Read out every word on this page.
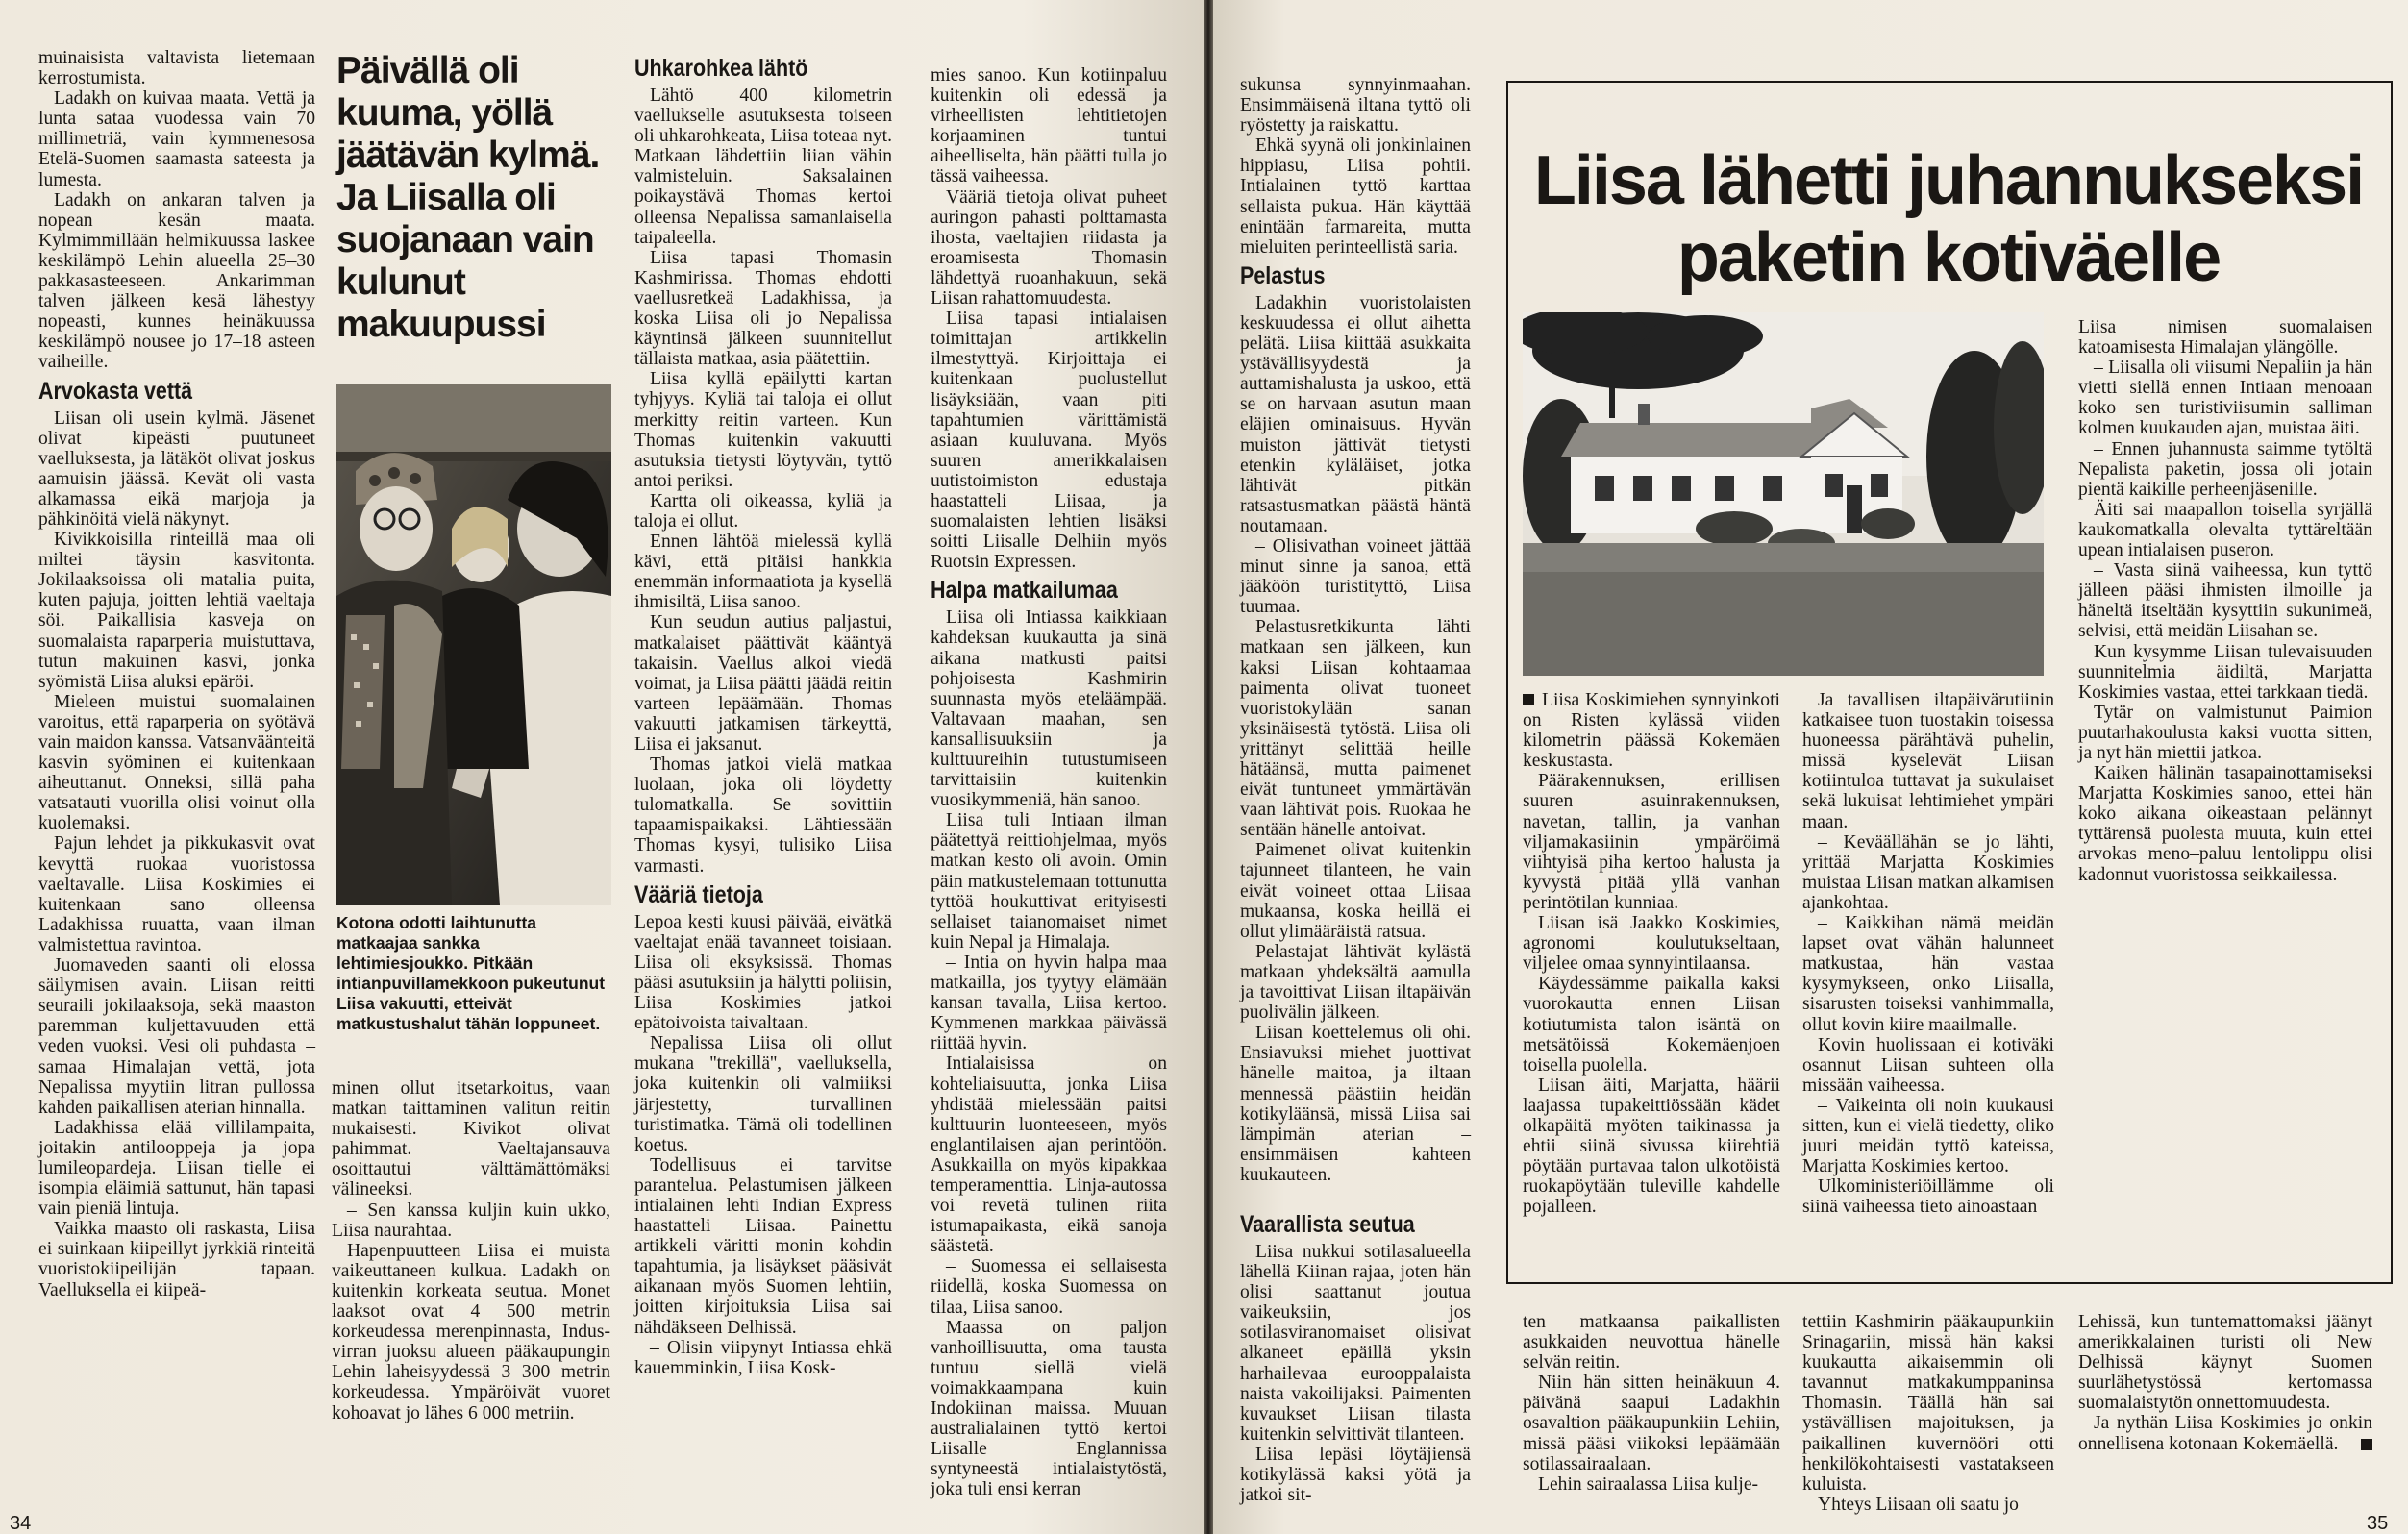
muinaisista valtavista lietemaan kerrostumista.

Ladakh on kuivaa maata. Vettä ja lunta sataa vuodessa vain 70 millimetriä, vain kymmenesosa Etelä-Suomen saamasta sateesta ja lumesta.

Ladakh on ankaran talven ja nopean kesän maata. Kylmimmillään helmikuussa laskee keskilämpö Lehin alueella 25–30 pakkasasteeseen. Ankarimman talven jälkeen kesä lähestyy nopeasti, kunnes heinäkuussa keskilämpö nousee jo 17–18 asteen vaiheille.

Arvokasta vettä

Liisan oli usein kylmä. Jäsenet olivat kipeästi puutuneet vaelluksesta, ja lätäköt olivat joskus aamuisin jäässä. Kevät oli vasta alkamassa eikä marjoja ja pähkinöitä vielä näkynyt.

Kivikkoisilla rinteillä maa oli miltei täysin kasvitonta. Jokilaaksoissa oli matalia puita, kuten pajuja, joitten lehtiä vaeltaja söi. Paikallisia kasveja on suomalaista raparperia muistuttava, tutun makuinen kasvi, jonka syömistä Liisa aluksi epäröi.

Mieleen muistui suomalainen varoitus, että raparperia on syötävä vain maidon kanssa. Vatsanväänteitä kasvin syöminen ei kuitenkaan aiheuttanut. Onneksi, sillä paha vatsatauti vuorilla olisi voinut olla kuolemaksi.

Pajun lehdet ja pikkukasvit ovat kevyttä ruokaa vuoristossa vaeltavalle. Liisa Koskimies ei kuitenkaan sano olleensa Ladakhissa ruuatta, vaan ilman valmistettua ravintoa.

Juomaveden saanti oli elossa säilymisen avain. Liisan reitti seuraili jokilaaksoja, sekä maaston paremman kuljettavuuden että veden vuoksi. Vesi oli puhdasta – samaa Himalajan vettä, jota Nepalissa myytiin litran pullossa kahden paikallisen aterian hinnalla.

Ladakhissa elää villilampaita, joitakin antilooppeja ja jopa lumileopardeja. Liisan tielle ei isompia eläimiä sattunut, hän tapasi vain pieniä lintuja.

Vaikka maasto oli raskasta, Liisa ei suinkaan kiipeillyt jyrkkiä rinteitä vuoristokiipeilijän tapaan. Vaelluksella ei kiipeä-

Päivällä oli kuuma, yöllä jäätävän kylmä. Ja Liisalla oli suojanaan vain kulunut makuupussi
Kotona odotti laihtunutta matkaajaa sankka lehtimiesjoukko. Pitkään intianpuvillamekkoon pukeutunut Liisa vakuutti, etteivät matkustushalut tähän loppuneet.

minen ollut itsetarkoitus, vaan matkan taittaminen valitun reitin mukaisesti. Kivikot olivat pahimmat. Vaeltajansauva osoittautui välttämättömäksi välineeksi.

– Sen kanssa kuljin kuin ukko, Liisa naurahtaa.

Hapenpuutteen Liisa ei muista vaikeuttaneen kulkua. Ladakh on kuitenkin korkeata seutua. Monet laaksot ovat 4 500 metrin korkeudessa merenpinnasta, Indus-virran juoksu alueen pääkaupungin Lehin laheisyydessä 3 300 metrin korkeudessa. Ympäröivät vuoret kohoavat jo lähes 6 000 metriin.

Uhkarohkea lähtö

Lähtö 400 kilometrin vaellukselle asutuksesta toiseen oli uhkarohkeata, Liisa toteaa nyt. Matkaan lähdettiin liian vähin valmisteluin. Saksalainen poikaystävä Thomas kertoi olleensa Nepalissa samanlaisella taipaleella.

Liisa tapasi Thomasin Kashmirissa. Thomas ehdotti vaellusretkeä Ladakhissa, ja koska Liisa oli jo Nepalissa käyntinsä jälkeen suunnitellut tällaista matkaa, asia päätettiin.

Liisa kyllä epäilytti kartan tyhjyys. Kyliä tai taloja ei ollut merkitty reitin varteen. Kun Thomas kuitenkin vakuutti asutuksia tietysti löytyvän, tyttö antoi periksi.

Kartta oli oikeassa, kyliä ja taloja ei ollut.

Ennen lähtöä mielessä kyllä kävi, että pitäisi hankkia enemmän informaatiota ja kysellä ihmisiltä, Liisa sanoo.

Kun seudun autius paljastui, matkalaiset päättivät kääntyä takaisin. Vaellus alkoi viedä voimat, ja Liisa päätti jäädä reitin varteen lepäämään. Thomas vakuutti jatkamisen tärkeyttä, Liisa ei jaksanut.

Thomas jatkoi vielä matkaa luolaan, joka oli löydetty tulomatkalla. Se sovittiin tapaamispaikaksi. Lähtiessään Thomas kysyi, tulisiko Liisa varmasti.

Vääriä tietoja

Lepoa kesti kuusi päivää, eivätkä vaeltajat enää tavanneet toisiaan. Liisa oli eksyksissä. Thomas pääsi asutuksiin ja hälytti poliisin, Liisa Koskimies jatkoi epätoivoista taivaltaan.

Nepalissa Liisa oli ollut mukana ''trekillä'', vaelluksella, joka kuitenkin oli valmiiksi järjestetty, turvallinen turistimatka. Tämä oli todellinen koetus.

Todellisuus ei tarvitse parantelua. Pelastumisen jälkeen intialainen lehti Indian Express haastatteli Liisaa. Painettu artikkeli väritti monin kohdin tapahtumia, ja lisäykset pääsivät aikanaan myös Suomen lehtiin, joitten kirjoituksia Liisa sai nähdäkseen Delhissä.

– Olisin viipynyt Intiassa ehkä kauemminkin, Liisa Kosk-

mies sanoo. Kun kotiinpaluu kuitenkin oli edessä ja virheellisten lehtitietojen korjaaminen tuntui aiheelliselta, hän päätti tulla jo tässä vaiheessa.

Vääriä tietoja olivat puheet auringon pahasti polttamasta ihosta, vaeltajien riidasta ja eroamisesta Thomasin lähdettyä ruoanhakuun, sekä Liisan rahattomuudesta.

Liisa tapasi intialaisen toimittajan artikkelin ilmestyttyä. Kirjoittaja ei kuitenkaan puolustellut lisäyksiään, vaan piti tapahtumien värittämistä asiaan kuuluvana. Myös suuren amerikkalaisen uutistoimiston edustaja haastatteli Liisaa, ja suomalaisten lehtien lisäksi soitti Liisalle Delhiin myös Ruotsin Expressen.

Halpa matkailumaa

Liisa oli Intiassa kaikkiaan kahdeksan kuukautta ja sinä aikana matkusti paitsi pohjoisesta Kashmirin suunnasta myös eteläämpää. Valtavaan maahan, sen kansallisuuksiin ja kulttuureihin tutustumiseen tarvittaisiin kuitenkin vuosikymmeniä, hän sanoo.

Liisa tuli Intiaan ilman päätettyä reittiohjelmaa, myös matkan kesto oli avoin. Omin päin matkustelemaan tottunutta tyttöä houkuttivat erityisesti sellaiset taianomaiset nimet kuin Nepal ja Himalaja.

– Intia on hyvin halpa maa matkailla, jos tyytyy elämään kansan tavalla, Liisa kertoo. Kymmenen markkaa päivässä riittää hyvin.

Intialaisissa on kohteliaisuutta, jonka Liisa yhdistää mielessään paitsi kulttuurin luonteeseen, myös englantilaisen ajan perintöön. Asukkailla on myös kipakkaa temperamenttia. Linja-autossa voi revetä tulinen riita istumapaikasta, eikä sanoja säästetä.

– Suomessa ei sellaisesta riidellä, koska Suomessa on tilaa, Liisa sanoo.

Maassa on paljon vanhoillisuutta, oma tausta tuntuu siellä vielä voimakkaampana kuin Indokiinan maissa. Muuan australialainen tyttö kertoi Liisalle Englannissa syntyneestä intialaistytöstä, joka tuli ensi kerran

34

sukunsa synnyinmaahan. Ensimmäisenä iltana tyttö oli ryöstetty ja raiskattu.

Ehkä syynä oli jonkinlainen hippiasu, Liisa pohtii. Intialainen tyttö karttaa sellaista pukua. Hän käyttää enintään farmareita, mutta mieluiten perinteellistä saria.

Pelastus

Ladakhin vuoristolaisten keskuudessa ei ollut aihetta pelätä. Liisa kiittää asukkaita ystävällisyydestä ja auttamishalusta ja uskoo, että se on harvaan asutun maan eläjien ominaisuus. Hyvän muiston jättivät tietysti etenkin kyläläiset, jotka lähtivät pitkän ratsastusmatkan päästä häntä noutamaan.

– Olisivathan voineet jättää minut sinne ja sanoa, että jääköön turistityttö, Liisa tuumaa.

Pelastusretkikunta lähti matkaan sen jälkeen, kun kaksi Liisan kohtaamaa paimenta olivat tuoneet vuoristokylään sanan yksinäisestä tytöstä. Liisa oli yrittänyt selittää heille hätäänsä, mutta paimenet eivät tuntuneet ymmärtävän vaan lähtivät pois. Ruokaa he sentään hänelle antoivat.

Paimenet olivat kuitenkin tajunneet tilanteen, he vain eivät voineet ottaa Liisaa mukaansa, koska heillä ei ollut ylimääräistä ratsua.

Pelastajat lähtivät kylästä matkaan yhdeksältä aamulla ja tavoittivat Liisan iltapäivän puolivälin jälkeen.

Liisan koettelemus oli ohi. Ensiavuksi miehet juottivat hänelle maitoa, ja iltaan mennessä päästiin heidän kotikyläänsä, missä Liisa sai lämpimän aterian – ensimmäisen kahteen kuukauteen.

Vaarallista seutua

Liisa nukkui sotilasalueella lähellä Kiinan rajaa, joten hän olisi saattanut joutua vaikeuksiin, jos sotilasviranomaiset olisivat alkaneet epäillä yksin harhailevaa eurooppalaista naista vakoilijaksi. Paimenten kuvaukset Liisan tilasta kuitenkin selvittivät tilanteen.

Liisa lepäsi löytäjiensä kotikylässä kaksi yötä ja jatkoi sit-

Liisa lähetti juhannukseksi paketin kotiväelle

Liisa Koskimiehen synnyinkoti on Risten kylässä viiden kilometrin päässä Kokemäen keskustasta.

Päärakennuksen, erillisen suuren asuinrakennuksen, navetan, tallin, ja vanhan viljamakasiinin ympäröimä viihtyisä piha kertoo halusta ja kyvystä pitää yllä vanhan perintötilan kunniaa.

Liisan isä Jaakko Koskimies, agronomi koulutukseltaan, viljelee omaa synnyintilaansa.

Käydessämme paikalla kaksi vuorokautta ennen Liisan kotiutumista talon isäntä on metsätöissä Kokemäenjoen toisella puolella.

Liisan äiti, Marjatta, häärii laajassa tupakeittiössään kädet olkapäitä myöten taikinassa ja ehtii siinä sivussa kiirehtiä pöytään purtavaa talon ulkotöistä ruokapöytään tuleville kahdelle pojalleen.

Ja tavallisen iltapäivärutiinin katkaisee tuon tuostakin toisessa huoneessa pärähtävä puhelin, missä kyselevät Liisan kotiintuloa tuttavat ja sukulaiset sekä lukuisat lehtimiehet ympäri maan.

– Keväällähän se jo lähti, yrittää Marjatta Koskimies muistaa Liisan matkan alkamisen ajankohtaa.

– Kaikkihan nämä meidän lapset ovat vähän halunneet matkustaa, hän vastaa kysymykseen, onko Liisalla, sisarusten toiseksi vanhimmalla, ollut kovin kiire maailmalle.

Kovin huolissaan ei kotiväki osannut Liisan suhteen olla missään vaiheessa.

– Vaikeinta oli noin kuukausi sitten, kun ei vielä tiedetty, oliko juuri meidän tyttö kateissa, Marjatta Koskimies kertoo.

Ulkoministeriöillämme oli siinä vaiheessa tieto ainoastaan

Liisa nimisen suomalaisen katoamisesta Himalajan ylängölle.

– Liisalla oli viisumi Nepaliin ja hän vietti siellä ennen Intiaan menoaan koko sen turistiviisumin salliman kolmen kuukauden ajan, muistaa äiti.

– Ennen juhannusta saimme tytöltä Nepalista paketin, jossa oli jotain pientä kaikille perheenjäsenille.

Äiti sai maapallon toisella syrjällä kaukomatkalla olevalta tyttäreltään upean intialaisen puseron.

– Vasta siinä vaiheessa, kun tyttö jälleen pääsi ihmisten ilmoille ja häneltä itseltään kysyttiin sukunimeä, selvisi, että meidän Liisahan se.

Kun kysymme Liisan tulevaisuuden suunnitelmia äidiltä, Marjatta Koskimies vastaa, ettei tarkkaan tiedä.

Tytär on valmistunut Paimion puutarhakoulusta kaksi vuotta sitten, ja nyt hän miettii jatkoa.

Kaiken hälinän tasapainottamiseksi Marjatta Koskimies sanoo, ettei hän koko aikana oikeastaan pelännyt tyttärensä puolesta muuta, kuin ettei arvokas meno–paluu lentolippu olisi kadonnut vuoristossa seikkailessa.

ten matkaansa paikallisten asukkaiden neuvottua hänelle selvän reitin.

Niin hän sitten heinäkuun 4. päivänä saapui Ladakhin osavaltion pääkaupunkiin Lehiin, missä pääsi viikoksi lepäämään sotilassairaalaan.

Lehin sairaalassa Liisa kulje-

tettiin Kashmirin pääkaupunkiin Srinagariin, missä hän kaksi kuukautta aikaisemmin oli tavannut matkakumppaninsa Thomasin. Täällä hän sai ystävällisen majoituksen, ja paikallinen kuvernööri otti henkilökohtaisesti vastatakseen kuluista.

Yhteys Liisaan oli saatu jo

Lehissä, kun tuntemattomaksi jäänyt amerikkalainen turisti oli New Delhissä käynyt Suomen suurlähetystössä kertomassa suomalaistytön onnettomuudesta.

Ja nythän Liisa Koskimies jo onkin onnellisena kotonaan Kokemäellä.

35
